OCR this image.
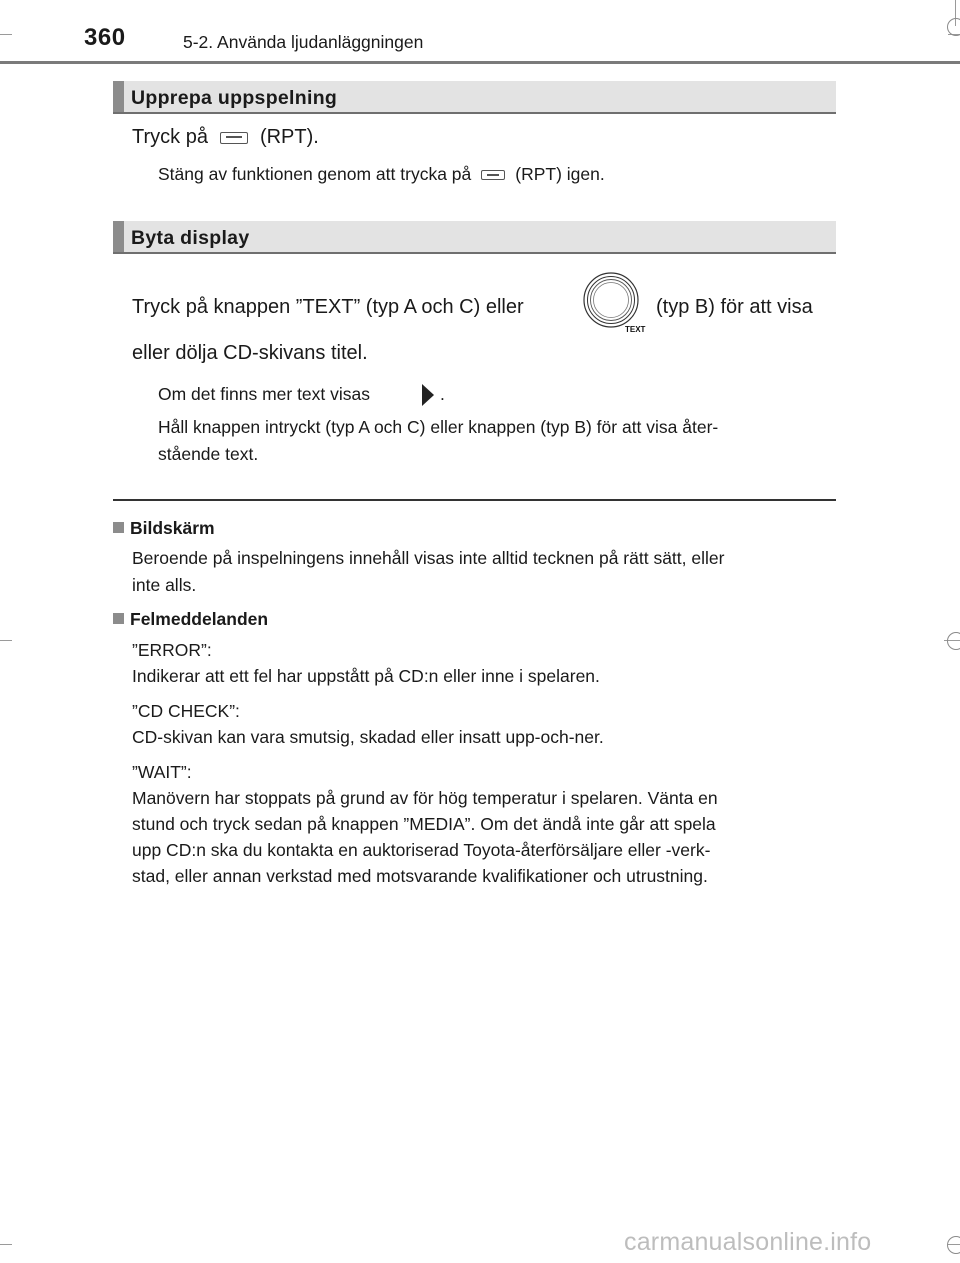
360	5-2. Använda ljudanläggningen
Upprepa uppspelning
Tryck på	(RPT).
Stäng av funktionen genom att trycka på	(RPT) igen.
Byta display
Tryck på knappen ”TEXT” (typ A och C) eller
TEXT
(typ B) för att visa
eller dölja CD-skivans titel.
Om det finns mer text visas	.
Håll knappen intryckt (typ A och C) eller knappen (typ B) för att visa åter-
stående text.
Bildskärm
Beroende på inspelningens innehåll visas inte alltid tecknen på rätt sätt, eller
inte alls.
Felmeddelanden
”ERROR”:
Indikerar att ett fel har uppstått på CD:n eller inne i spelaren.
”CD CHECK”:
CD-skivan kan vara smutsig, skadad eller insatt upp-och-ner.
”WAIT”:
Manövern har stoppats på grund av för hög temperatur i spelaren. Vänta en
stund och tryck sedan på knappen ”MEDIA”. Om det ändå inte går att spela
upp CD:n ska du kontakta en auktoriserad Toyota-återförsäljare eller -verk-
stad, eller annan verkstad med motsvarande kvalifikationer och utrustning.
carmanualsonline.info
